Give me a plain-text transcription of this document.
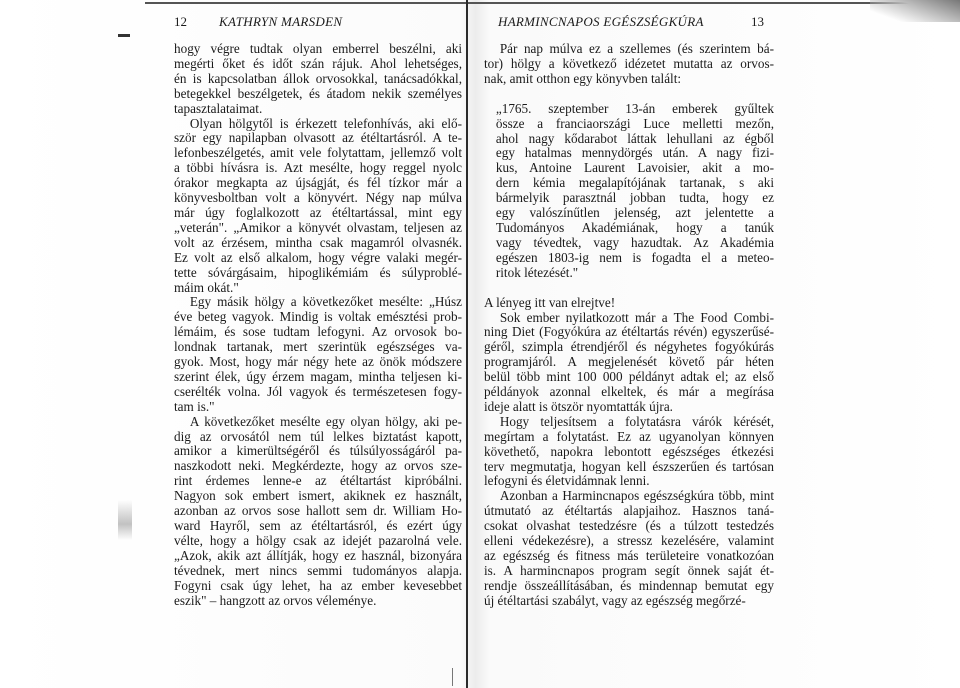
12 KATHRYN MARSDEN
hogy végre tudtak olyan emberrel beszélni, aki
megérti őket és időt szán rájuk. Ahol lehetséges,
én is kapcsolatban állok orvosokkal, tanácsadókkal,
betegekkel beszélgetek, és átadom nekik személyes
tapasztalataimat.
Olyan hölgytől is érkezett telefonhívás, aki elő-
ször egy napilapban olvasott az étéltartásról. A te-
lefonbeszélgetés, amit vele folytattam, jellemző volt
a többi hívásra is. Azt mesélte, hogy reggel nyolc
órakor megkapta az újságját, és fél tízkor már a
könyvesboltban volt a könyvért. Négy nap múlva
már úgy foglalkozott az étéltartással, mint egy
„veterán". „Amikor a könyvét olvastam, teljesen az
volt az érzésem, mintha csak magamról olvasnék.
Ez volt az első alkalom, hogy végre valaki megér-
tette sóvárgásaim, hipoglikémiám és súlyproblé-
máim okát."
Egy másik hölgy a következőket mesélte: „Húsz
éve beteg vagyok. Mindig is voltak emésztési prob-
lémáim, és sose tudtam lefogyni. Az orvosok bo-
londnak tartanak, mert szerintük egészséges va-
gyok. Most, hogy már négy hete az önök módszere
szerint élek, úgy érzem magam, mintha teljesen ki-
cserélték volna. Jól vagyok és természetesen fogy-
tam is."
A következőket mesélte egy olyan hölgy, aki pe-
dig az orvosától nem túl lelkes biztatást kapott,
amikor a kimerültségéről és túlsúlyosságáról pa-
naszkodott neki. Megkérdezte, hogy az orvos sze-
rint érdemes lenne-e az étéltartást kipróbálni.
Nagyon sok embert ismert, akiknek ez használt,
azonban az orvos sose hallott sem dr. William Ho-
ward Hayről, sem az étéltartásról, és ezért úgy
vélte, hogy a hölgy csak az idejét pazarolná vele.
„Azok, akik azt állítják, hogy ez használ, bizonyára
tévednek, mert nincs semmi tudományos alapja.
Fogyni csak úgy lehet, ha az ember kevesebbet
eszik" – hangzott az orvos véleménye.
HARMINCNAPOS EGÉSZSÉGKÚRA	13
Pár nap múlva ez a szellemes (és szerintem bá-
tor) hölgy a következő idézetet mutatta az orvos-
nak, amit otthon egy könyvben talált:
„1765. szeptember 13-án emberek gyűltek
össze a franciaországi Luce melletti mezőn,
ahol nagy kődarabot láttak lehullani az égből
egy hatalmas mennydörgés után. A nagy fizi-
kus, Antoine Laurent Lavoisier, akit a mo-
dern kémia megalapítójának tartanak, s aki
bármelyik parasztnál jobban tudta, hogy ez
egy valószínűtlen jelenség, azt jelentette a
Tudományos Akadémiának, hogy a tanúk
vagy tévedtek, vagy hazudtak. Az Akadémia
egészen 1803-ig nem is fogadta el a meteo-
ritok létezését."
A lényeg itt van elrejtve!
Sok ember nyilatkozott már a The Food Combi-
ning Diet (Fogyókúra az étéltartás révén) egyszerűsé-
géről, szimpla étrendjéről és négyhetes fogyókúrás
programjáról. A megjelenését követő pár héten
belül több mint 100 000 példányt adtak el; az első
példányok azonnal elkeltek, és már a megírása
ideje alatt is ötször nyomtatták újra.
Hogy teljesítsem a folytatásra várók kérését,
megírtam a folytatást. Ez az ugyanolyan könnyen
követhető, napokra lebontott egészséges étkezési
terv megmutatja, hogyan kell észszerűen és tartósan
lefogyni és életvidámnak lenni.
Azonban a Harmincnapos egészségkúra több, mint
útmutató az étéltartás alapjaihoz. Hasznos taná-
csokat olvashat testedzésre (és a túlzott testedzés
elleni védekezésre), a stressz kezelésére, valamint
az egészség és fitness más területeire vonatkozóan
is. A harmincnapos program segít önnek saját ét-
rendje összeállításában, és mindennap bemutat egy
új étéltartási szabályt, vagy az egészség megőrzé-
